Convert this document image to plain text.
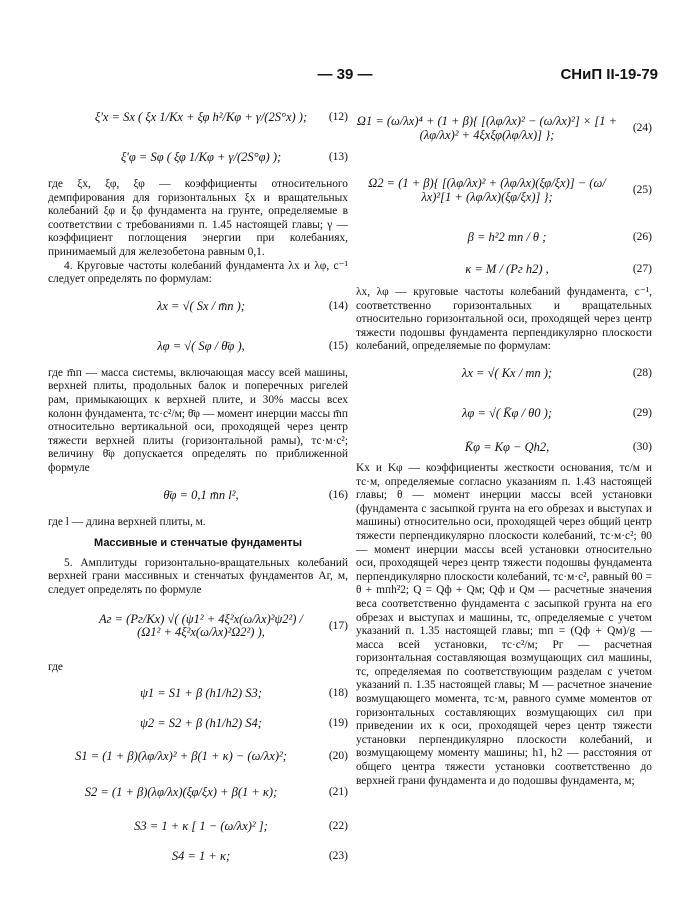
— 39 —	СНиП II-19-79
ξ'x = Sx ( ξx 1/Kx + ξφ h²/Kφ + γ/(2S°x) );	(12)
ξ'φ = Sφ ( ξφ 1/Kφ + γ/(2S°φ) );	(13)

где ξx, ξφ, ξφ — коэффициенты относительного демпфирования для горизонтальных ξx и вращательных колебаний ξφ и ξφ фундамента на грунте, определяемые в соответствии с требованиями п. 1.45 настоящей главы; γ — коэффициент поглощения энергии при колебаниях, принимаемый для железобетона равным 0,1.

4. Круговые частоты колебаний фундамента λx и λφ, с⁻¹ следует определять по формулам:

λx = √( Sx / m̄п );	(14)
λφ = √( Sφ / θ̄φ ),	(15)

где m̄п — масса системы, включающая массу всей машины, верхней плиты, продольных балок и поперечных ригелей рам, примыкающих к верхней плите, и 30% массы всех колонн фундамента, тс·с²/м; θ̄φ — момент инерции массы m̄п относительно вертикальной оси, проходящей через центр тяжести верхней плиты (горизонтальной рамы), тс·м·с²; величину θ̄φ допускается определять по приближенной формуле

θ̄φ = 0,1 m̄п l²,	(16)

где l — длина верхней плиты, м.

Массивные и стенчатые фундаменты

5. Амплитуды горизонтально-вращательных колебаний верхней грани массивных и стенчатых фундаментов Aг, м, следует определять по формуле

Aг = (Pг/Kx) √( (ψ1² + 4ξ²x(ω/λx)²ψ2²) / (Ω1² + 4ξ²x(ω/λx)²Ω2²) ),	(17)
где
ψ1 = S1 + β (h1/h2) S3;	(18)
ψ2 = S2 + β (h1/h2) S4;	(19)
S1 = (1 + β)(λφ/λx)² + β(1 + κ) − (ω/λx)²;	(20)
S2 = (1 + β)(λφ/λx)(ξφ/ξx) + β(1 + κ);	(21)
S3 = 1 + κ [ 1 − (ω/λx)² ];	(22)
S4 = 1 + κ;	(23)
Ω1 = (ω/λx)⁴ + (1 + β){ [(λφ/λx)² − (ω/λx)²] × [1 + (λφ/λx)² + 4ξxξφ(λφ/λx)] };	(24)
Ω2 = (1 + β){ [(λφ/λx)² + (λφ/λx)(ξφ/ξx)] − (ω/λx)²[1 + (λφ/λx)(ξφ/ξx)] };	(25)
β = h²2 mп / θ ;	(26)
κ = M / (Pг h2) ,	(27)

λx, λφ — круговые частоты колебаний фундамента, с⁻¹, соответственно горизонтальных и вращательных относительно горизонтальной оси, проходящей через центр тяжести подошвы фундамента перпендикулярно плоскости колебаний, определяемые по формулам:

λx = √( Kx / mп );	(28)
λφ = √( K̄φ / θ0 );	(29)
K̄φ = Kφ − Qh2,	(30)

Kx и Kφ — коэффициенты жесткости основания, тс/м и тс·м, определяемые согласно указаниям п. 1.43 настоящей главы; θ — момент инерции массы всей установки (фундамента с засыпкой грунта на его обрезах и выступах и машины) относительно оси, проходящей через общий центр тяжести перпендикулярно плоскости колебаний, тс·м·с²; θ0 — момент инерции массы всей установки относительно оси, проходящей через центр тяжести подошвы фундамента перпендикулярно плоскости колебаний, тс·м·с², равный θ0 = θ + mпh²2; Q = Qф + Qм; Qф и Qм — расчетные значения веса соответственно фундамента с засыпкой грунта на его обрезах и выступах и машины, тс, определяемые с учетом указаний п. 1.35 настоящей главы; mп = (Qф + Qм)/g — масса всей установки, тс·с²/м; Pг — расчетная горизонтальная составляющая возмущающих сил машины, тс, определяемая по соответствующим разделам с учетом указаний п. 1.35 настоящей главы; M — расчетное значение возмущающего момента, тс·м, равного сумме моментов от горизонтальных составляющих возмущающих сил при приведении их к оси, проходящей через центр тяжести установки перпендикулярно плоскости колебаний, и возмущающему моменту машины; h1, h2 — расстояния от общего центра тяжести установки соответственно до верхней грани фундамента и до подошвы фундамента, м;
